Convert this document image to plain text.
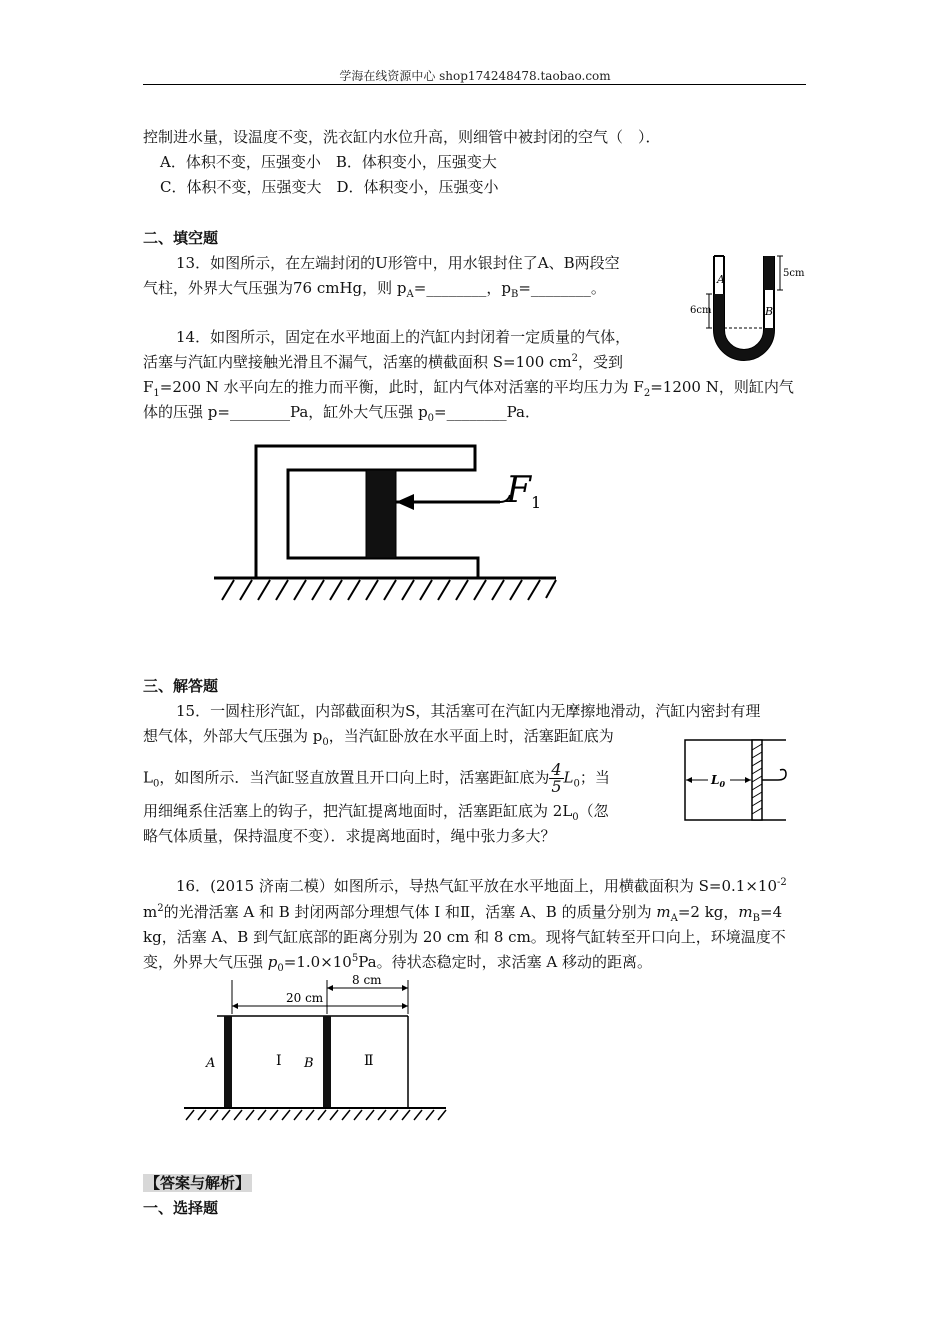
学海在线资源中心 shop174248478.taobao.com
控制进水量，设温度不变，洗衣缸内水位升高，则细管中被封闭的空气（　）．
A．体积不变，压强变小　B．体积变小，压强变大
C．体积不变，压强变大　D．体积变小，压强变小
二、填空题
13．如图所示，在左端封闭的U形管中，用水银封住了A、B两段空
气柱，外界大气压强为76 cmHg，则 $p_A=\_\_\_\_\_\_\_\_$，$p_B=\_\_\_\_\_\_\_\_$。
5cm
6cm
A
B
14．如图所示，固定在水平地面上的汽缸内封闭着一定质量的气体，
活塞与汽缸内壁接触光滑且不漏气，活塞的横截面积 S=100 $cm^2$，受到
$F_1=200$ N 水平向左的推力而平衡，此时，缸内气体对活塞的平均压力为 $F_2=1200$ N，则缸内气
体的压强 p=________Pa，缸外大气压强 $p_0=\_\_\_\_\_\_\_\_Pa$．
F1
三、解答题
15．一圆柱形汽缸，内部截面积为S，其活塞可在汽缸内无摩擦地滑动，汽缸内密封有理
想气体，外部大气压强为 $p_0$，当汽缸卧放在水平面上时，活塞距缸底为
$L_0$，如图所示．当汽缸竖直放置且开口向上时，活塞距缸底为 $\frac{4}{5} L_0$；当
用细绳系住活塞上的钩子，把汽缸提离地面时，活塞距缸底为 $2L_0$（忽
略气体质量，保持温度不变）．求提离地面时，绳中张力多大？
$L_0$
16．(2015 济南二模）如图所示，导热气缸平放在水平地面上，用横截面积为 $S=0.1\times 10^{-2}$
$m^2$的光滑活塞 A 和 B 封闭两部分理想气体 I 和Ⅱ，活塞 A、B 的质量分别为 $m_A=2$ kg，$m_B=4$
kg，活塞 A、B 到气缸底部的距离分别为 20 cm 和 8 cm。现将气缸转至开口向上，环境温度不
变，外界大气压强 $p_0=1.0\times 10^5Pa$。待状态稳定时，求活塞 A 移动的距离。
20 cm
8 cm
A	Ⅰ B	Ⅱ
【答案与解析】
一、选择题
